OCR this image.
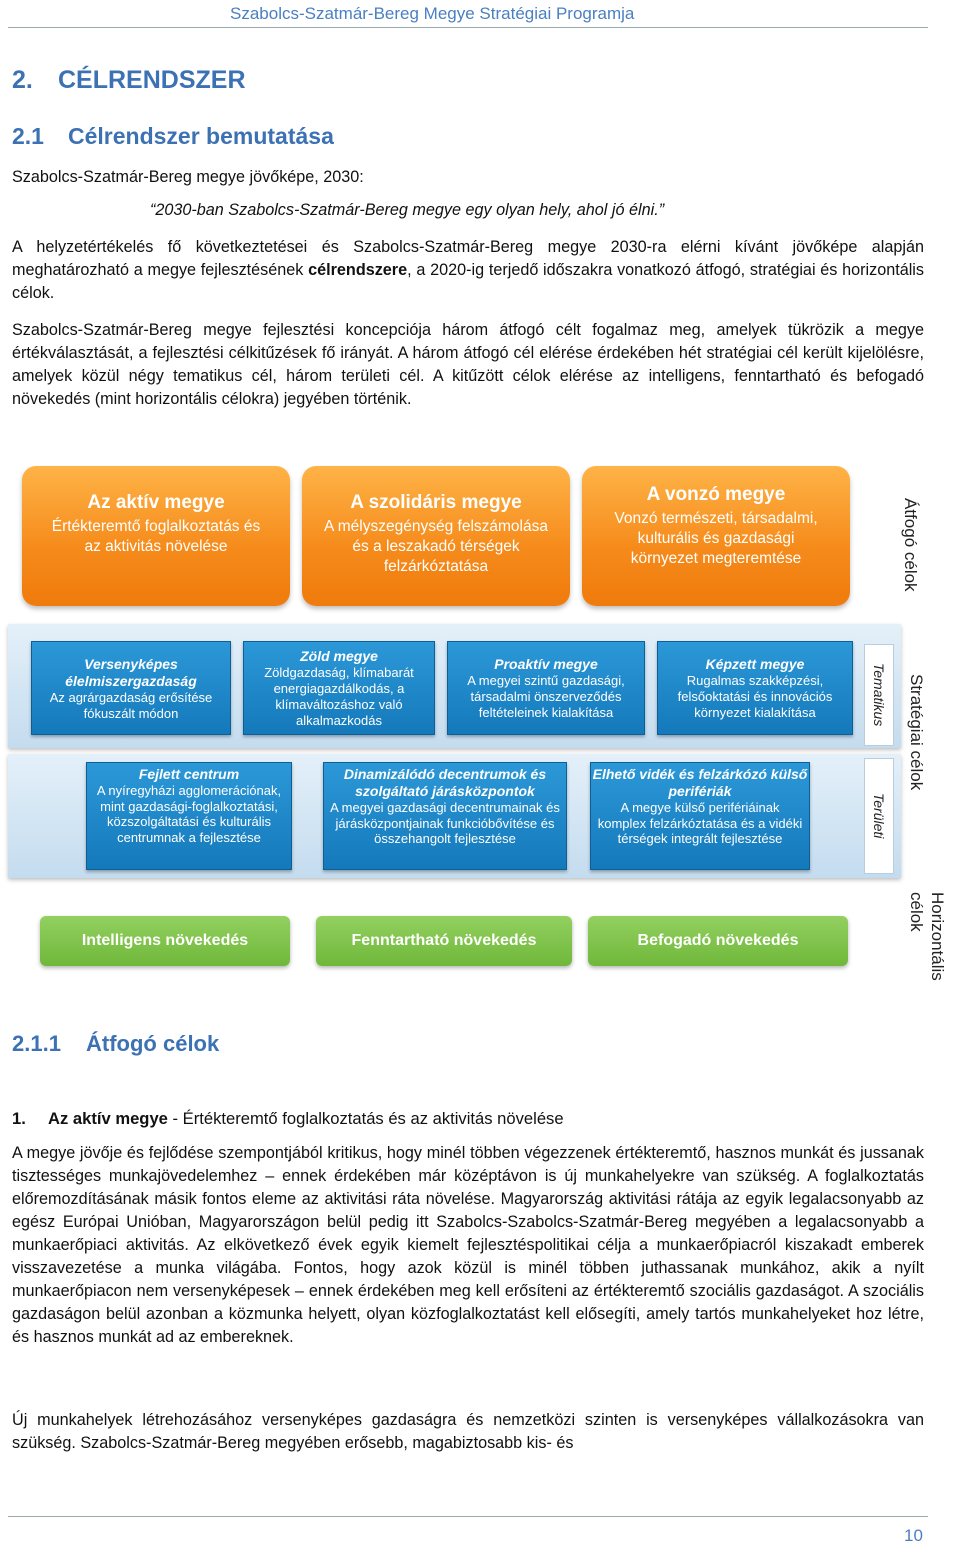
Szabolcs-Szatmár-Bereg Megye Stratégiai Programja
2. CÉLRENDSZER
2.1 Célrendszer bemutatása
Szabolcs-Szatmár-Bereg megye jövőképe, 2030:
“2030-ban Szabolcs-Szatmár-Bereg megye egy olyan hely, ahol jó élni.”
A helyzetértékelés fő következtetései és Szabolcs-Szatmár-Bereg megye 2030-ra elérni kívánt jövőképe alapján meghatározható a megye fejlesztésének célrendszere, a 2020-ig terjedő időszakra vonatkozó átfogó, stratégiai és horizontális célok.
Szabolcs-Szatmár-Bereg megye fejlesztési koncepciója három átfogó célt fogalmaz meg, amelyek tükrözik a megye értékválasztását, a fejlesztési célkitűzések fő irányát. A három átfogó cél elérése érdekében hét stratégiai cél került kijelölésre, amelyek közül négy tematikus cél, három területi cél. A kitűzött célok elérése az intelligens, fenntartható és befogadó növekedés (mint horizontális célokra) jegyében történik.
Az aktív megye
Értékteremtő foglalkoztatás és az aktivitás növelése
A szolidáris megye
A mélyszegénység felszámolása és a leszakadó térségek felzárkóztatása
A vonzó megye
Vonzó természeti, társadalmi, kulturális és gazdasági környezet megteremtése	Átfogó célok
Versenyképes élelmiszergazdaság
Az agrárgazdaság erősítése fókuszált módon
Zöld megye
Zöldgazdaság, klímabarát energiagazdálkodás, a klímaváltozáshoz való alkalmazkodás
Proaktív megye
A megyei szintű gazdasági, társadalmi önszerveződés feltételeinek kialakítása
Képzett megye
Rugalmas szakképzési, felsőoktatási és innovációs környezet kialakítása	Tematikus
Fejlett centrum
A nyíregyházi agglomerációnak, mint gazdasági-foglalkoztatási, közszolgáltatási és kulturális centrumnak a fejlesztése
Dinamizálódó decentrumok és szolgáltató járásközpontok
A megyei gazdasági decentrumainak és járásközpontjainak funkcióbővítése és összehangolt fejlesztése
Elhető vidék és felzárkózó külső perifériák
A megye külső perifériáinak komplex felzárkóztatása és a vidéki térségek integrált fejlesztése	Területi
Stratégiai célok
Intelligens növekedés	Fenntartható növekedés	Befogadó növekedés	Horizontális célok
2.1.1 Átfogó célok
1. Az aktív megye - Értékteremtő foglalkoztatás és az aktivitás növelése
A megye jövője és fejlődése szempontjából kritikus, hogy minél többen végezzenek értékteremtő, hasznos munkát és jussanak tisztességes munkajövedelemhez – ennek érdekében már középtávon is új munkahelyekre van szükség. A foglalkoztatás előremozdításának másik fontos eleme az aktivitási ráta növelése. Magyarország aktivitási rátája az egyik legalacsonyabb az egész Európai Unióban, Magyarországon belül pedig itt Szabolcs-Szabolcs-Szatmár-Bereg megyében a legalacsonyabb a munkaerőpiaci aktivitás. Az elkövetkező évek egyik kiemelt fejlesztéspolitikai célja a munkaerőpiacról kiszakadt emberek visszavezetése a munka világába. Fontos, hogy azok közül is minél többen juthassanak munkához, akik a nyílt munkaerőpiacon nem versenyképesek – ennek érdekében meg kell erősíteni az értékteremtő szociális gazdaságot. A szociális gazdaságon belül azonban a közmunka helyett, olyan közfoglalkoztatást kell elősegíti, amely tartós munkahelyeket hoz létre, és hasznos munkát ad az embereknek.
Új munkahelyek létrehozásához versenyképes gazdaságra és nemzetközi szinten is versenyképes vállalkozásokra van szükség. Szabolcs-Szatmár-Bereg megyében erősebb, magabiztosabb kis- és
10
